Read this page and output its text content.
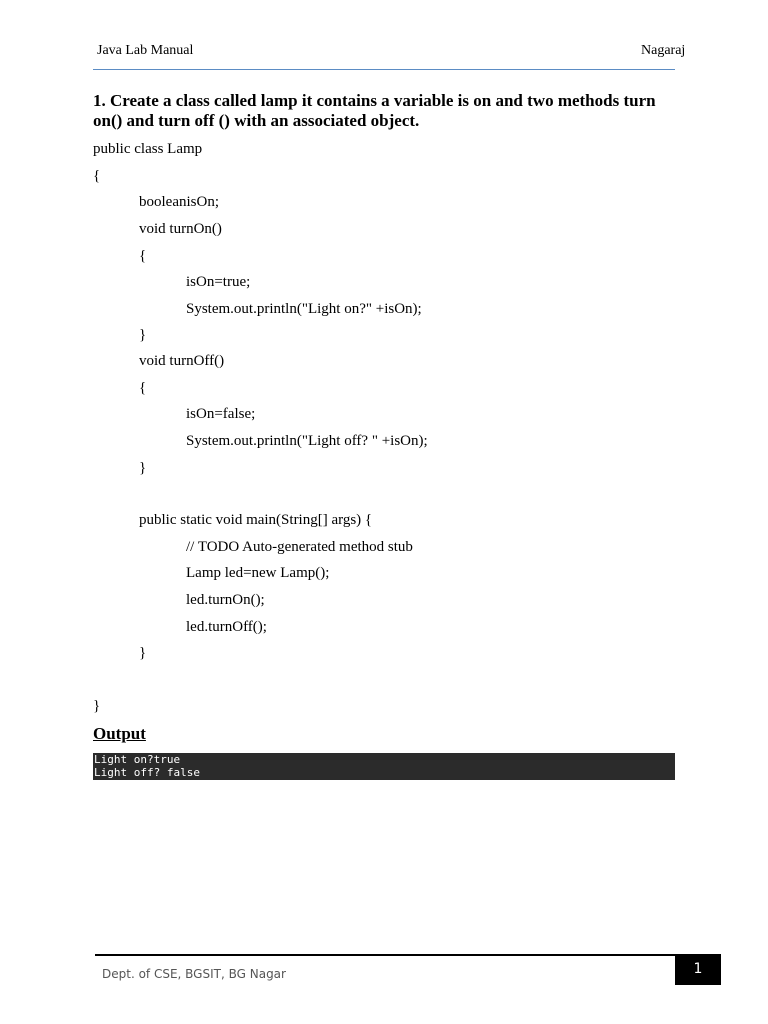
Java Lab Manual	Nagaraj
1. Create a class called lamp it contains a variable is on and two methods turn on() and turn off () with an associated object.
public class Lamp
{
booleanisOn;
void turnOn()
{
isOn=true;
System.out.println("Light on?" +isOn);
}
void turnOff()
{
isOn=false;
System.out.println("Light off? " +isOn);
}
public static void main(String[] args) {
// TODO Auto-generated method stub
Lamp led=new Lamp();
led.turnOn();
led.turnOff();
}
}
Output
Light on?true
Light off? false
Dept. of CSE, BGSIT, BG Nagar	1
